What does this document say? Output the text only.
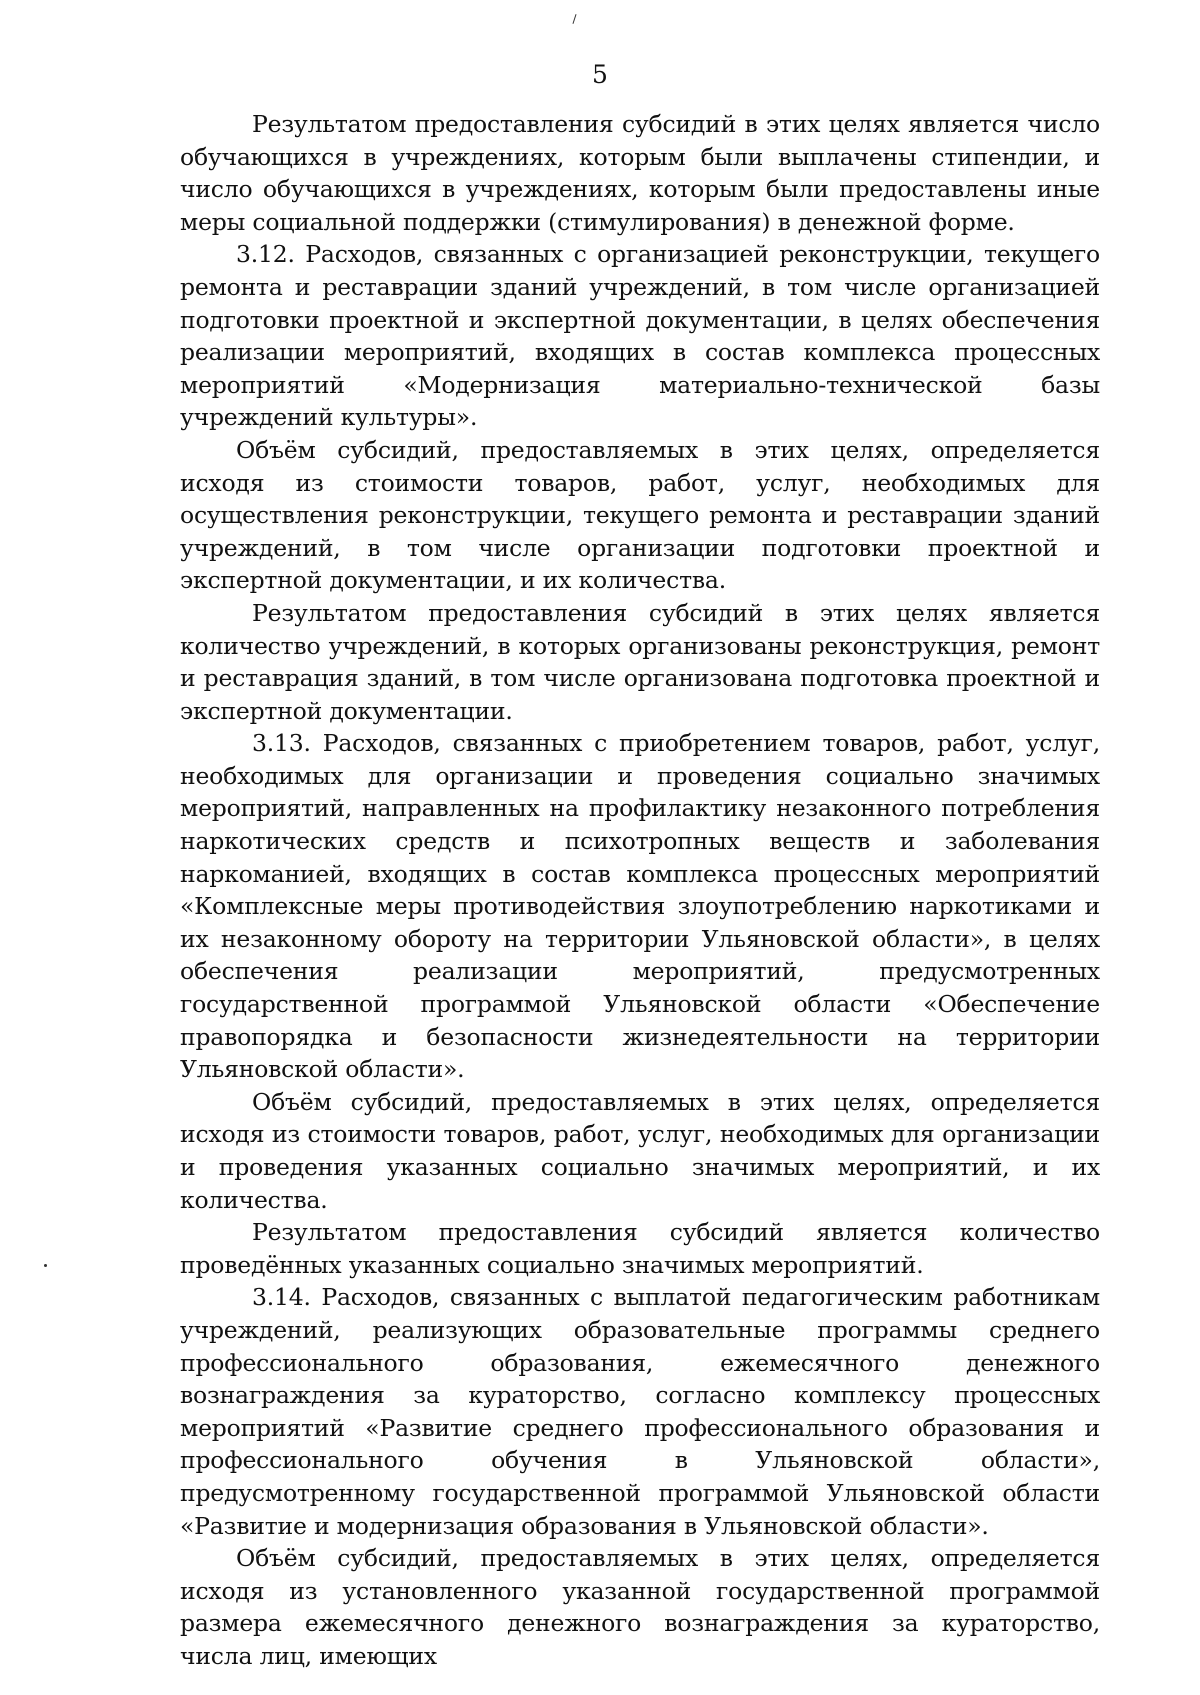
5

Результатом предоставления субсидий в этих целях является число обучающихся в учреждениях, которым были выплачены стипендии, и число обучающихся в учреждениях, которым были предоставлены иные меры социальной поддержки (стимулирования) в денежной форме.

3.12. Расходов, связанных с организацией реконструкции, текущего ремонта и реставрации зданий учреждений, в том числе организацией подготовки проектной и экспертной документации, в целях обеспечения реализации мероприятий, входящих в состав комплекса процессных мероприятий «Модернизация материально-технической базы учреждений культуры».

Объём субсидий, предоставляемых в этих целях, определяется исходя из стоимости товаров, работ, услуг, необходимых для осуществления реконструкции, текущего ремонта и реставрации зданий учреждений, в том числе организации подготовки проектной и экспертной документации, и их количества.

Результатом предоставления субсидий в этих целях является количество учреждений, в которых организованы реконструкция, ремонт и реставрация зданий, в том числе организована подготовка проектной и экспертной документации.

3.13. Расходов, связанных с приобретением товаров, работ, услуг, необходимых для организации и проведения социально значимых мероприятий, направленных на профилактику незаконного потребления наркотических средств и психотропных веществ и заболевания наркоманией, входящих в состав комплекса процессных мероприятий «Комплексные меры противодействия злоупотреблению наркотиками и их незаконному обороту на территории Ульяновской области», в целях обеспечения реализации мероприятий, предусмотренных государственной программой Ульяновской области «Обеспечение правопорядка и безопасности жизнедеятельности на территории Ульяновской области».

Объём субсидий, предоставляемых в этих целях, определяется исходя из стоимости товаров, работ, услуг, необходимых для организации и проведения указанных социально значимых мероприятий, и их количества.

Результатом предоставления субсидий является количество проведённых указанных социально значимых мероприятий.

3.14. Расходов, связанных с выплатой педагогическим работникам учреждений, реализующих образовательные программы среднего профессионального образования, ежемесячного денежного вознаграждения за кураторство, согласно комплексу процессных мероприятий «Развитие среднего профессионального образования и профессионального обучения в Ульяновской области», предусмотренному государственной программой Ульяновской области «Развитие и модернизация образования в Ульяновской области».

Объём субсидий, предоставляемых в этих целях, определяется исходя из установленного указанной государственной программой размера ежемесячного денежного вознаграждения за кураторство, числа лиц, имеющих
